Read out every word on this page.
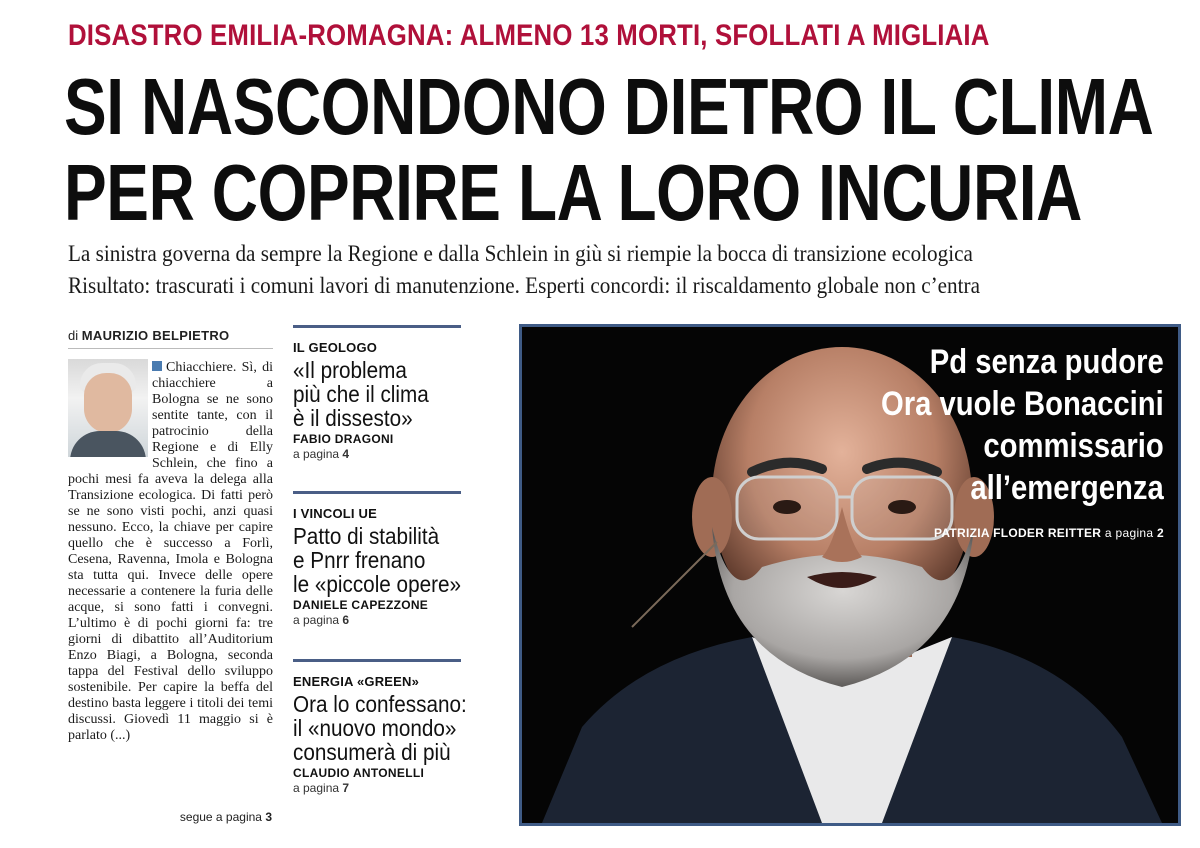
DISASTRO EMILIA-ROMAGNA: ALMENO 13 MORTI, SFOLLATI A MIGLIAIA
SI NASCONDONO DIETRO IL CLIMA
PER COPRIRE LA LORO INCURIA
La sinistra governa da sempre la Regione e dalla Schlein in giù si riempie la bocca di transizione ecologica
Risultato: trascurati i comuni lavori di manutenzione. Esperti concordi: il riscaldamento globale non c’entra
di MAURIZIO BELPIETRO
Chiacchiere. Sì, di chiacchiere a Bologna se ne sono sentite tante, con il patrocinio della Regione e di Elly Schlein, che fino a pochi mesi fa aveva la delega alla Transizione ecologica. Di fatti però se ne sono visti pochi, anzi quasi nessuno. Ecco, la chiave per capire quello che è successo a Forlì, Cesena, Ravenna, Imola e Bologna sta tutta qui. Invece delle opere necessarie a contenere la furia delle acque, si sono fatti i convegni. L’ultimo è di pochi giorni fa: tre giorni di dibattito all’Auditorium Enzo Biagi, a Bologna, seconda tappa del Festival dello sviluppo sostenibile. Per capire la beffa del destino basta leggere i titoli dei temi discussi. Giovedì 11 maggio si è parlato (...)
segue a pagina 3
IL GEOLOGO
«Il problema
più che il clima
è il dissesto»
FABIO DRAGONI
a pagina 4
I VINCOLI UE
Patto di stabilità
e Pnrr frenano
le «piccole opere»
DANIELE CAPEZZONE
a pagina 6
ENERGIA «GREEN»
Ora lo confessano:
il «nuovo mondo»
consumerà di più
CLAUDIO ANTONELLI
a pagina 7
Pd senza pudore
Ora vuole Bonaccini
commissario
all’emergenza
PATRIZIA FLODER REITTER a pagina 2
